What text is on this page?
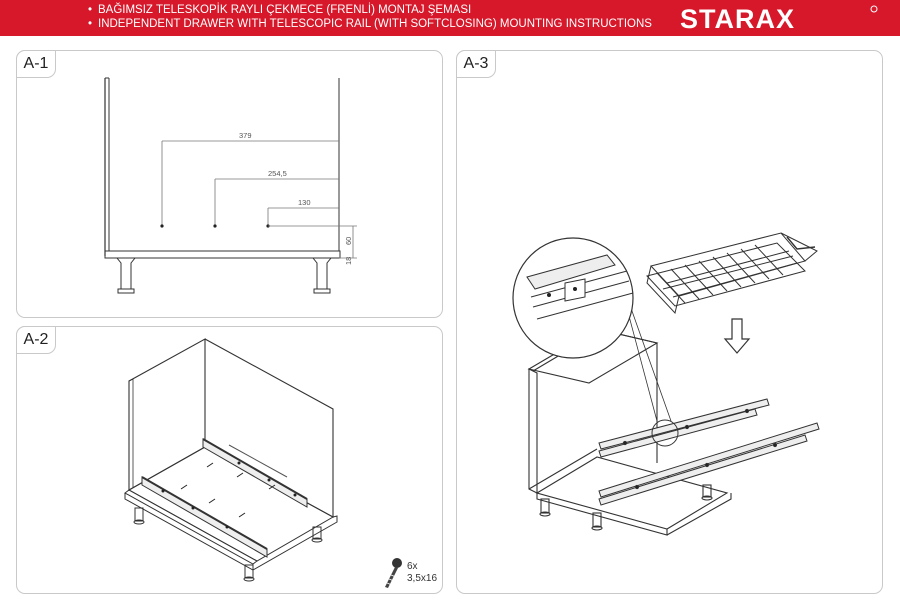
• BAĞIMSIZ TELESKOPİK RAYLI ÇEKMECE (FRENLİ) MONTAJ ŞEMASI
• INDEPENDENT DRAWER WITH TELESCOPIC RAIL (WITH SOFTCLOSING) MOUNTING INSTRUCTIONS STARAX
A-1
379
254,5
130
60
18
A-2
6x
3,5x16
A-3
